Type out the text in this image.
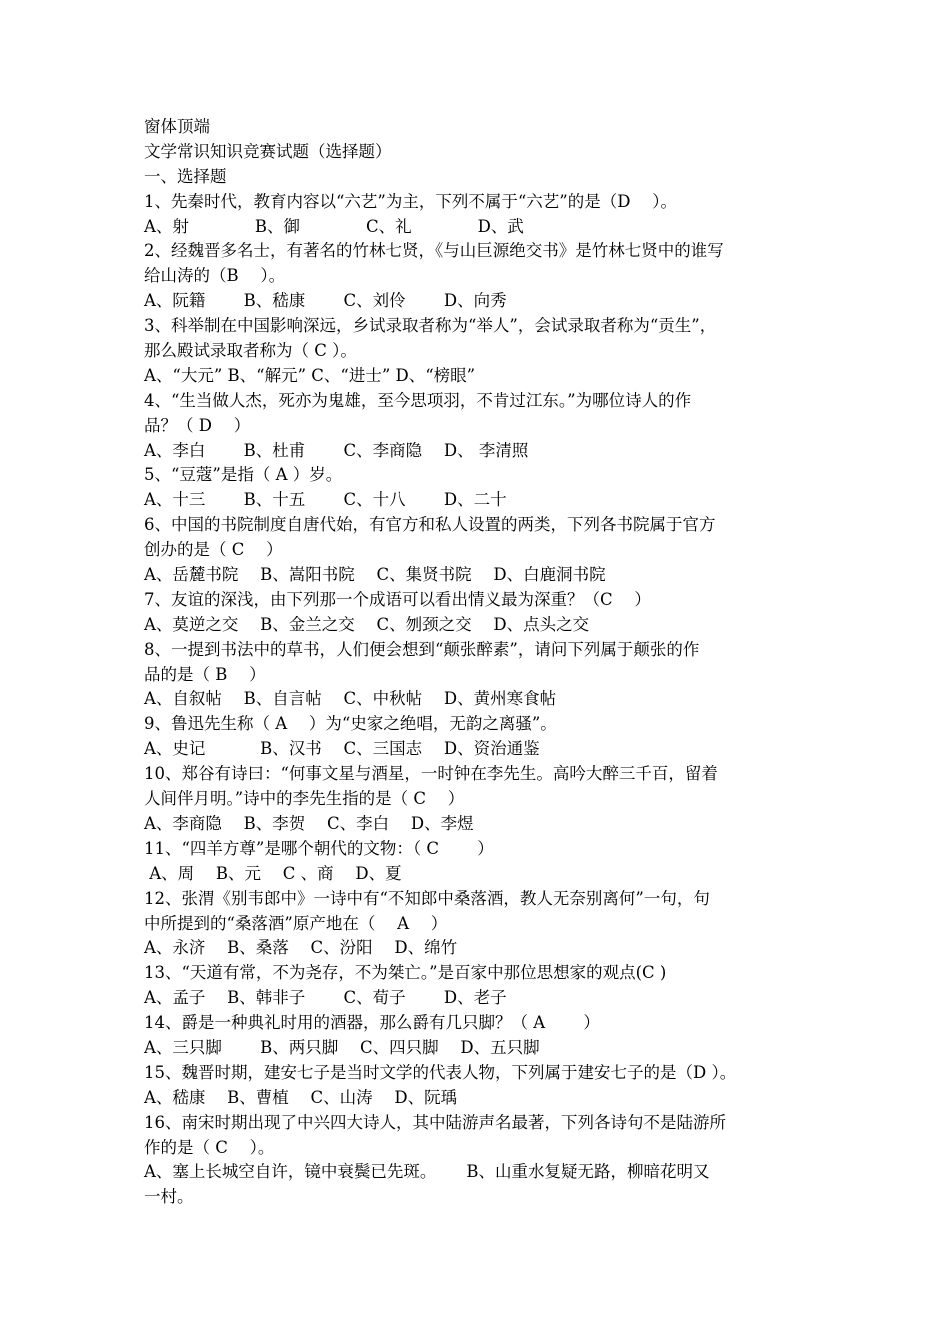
窗体顶端
文学常识知识竞赛试题（选择题）
一、选择题
1、先秦时代，教育内容以“六艺”为主，下列不属于“六艺”的是（D　 ）。
A、射　　　　B、御　　　　C、礼　　　　D、武
2、经魏晋多名士，有著名的竹林七贤，《与山巨源绝交书》是竹林七贤中的谁写
给山涛的（B　 ）。
A、阮籍　　 B、嵇康　　 C、刘伶　　 D、向秀
3、科举制在中国影响深远，乡试录取者称为“举人”，会试录取者称为“贡生”，
那么殿试录取者称为（ C ）。
A、“大元” B、“解元” C、“进士” D、“榜眼”
4、“生当做人杰，死亦为鬼雄，至今思项羽，不肯过江东。”为哪位诗人的作
品？（ D　 ）
A、李白　　 B、杜甫　　 C、李商隐　 D、 李清照
5、“豆蔻”是指（ A ）岁。
A、十三　　 B、十五　　 C、十八　　 D、二十
6、中国的书院制度自唐代始，有官方和私人设置的两类，下列各书院属于官方
创办的是（ C　 ）
A、岳麓书院　 B、嵩阳书院　 C、集贤书院　 D、白鹿洞书院
7、友谊的深浅，由下列那一个成语可以看出情义最为深重？（C　 ）
A、莫逆之交　 B、金兰之交　 C、刎颈之交　 D、点头之交
8、一提到书法中的草书，人们便会想到“颠张醉素”，请问下列属于颠张的作
品的是（ B　 ）
A、自叙帖　 B、自言帖　 C、中秋帖　 D、黄州寒食帖
9、鲁迅先生称（ A　 ）为“史家之绝唱，无韵之离骚”。
A、史记　　　 B、汉书　 C、三国志　 D、资治通鉴
10、郑谷有诗曰：“何事文星与酒星，一时钟在李先生。高吟大醉三千百，留着
人间伴月明。”诗中的李先生指的是（ C　 ）
A、李商隐　 B、李贺　 C、李白　 D、李煜
11、“四羊方尊”是哪个朝代的文物：（ C　　 ）
A、周　 B、元　 C 、商　 D、夏
12、张渭《别韦郎中》一诗中有“不知郎中桑落酒，教人无奈别离何”一句，句
中所提到的“桑落酒”原产地在（　 A　 ）
A、永济　 B、桑落　 C、汾阳　 D、绵竹
13、“天道有常，不为尧存，不为桀亡。”是百家中那位思想家的观点(C )
A、孟子　 B、韩非子　　 C、荀子　　 D、老子
14、爵是一种典礼时用的酒器，那么爵有几只脚？（ A　　 ）
A、三只脚　　 B、两只脚　 C、四只脚　 D、五只脚
15、魏晋时期，建安七子是当时文学的代表人物，下列属于建安七子的是（D ）。
A、嵇康　 B、曹植　 C、山涛　 D、阮瑀
16、南宋时期出现了中兴四大诗人，其中陆游声名最著，下列各诗句不是陆游所
作的是（ C　 ）。
A、塞上长城空自许，镜中衰鬓已先斑。　　 B、山重水复疑无路，柳暗花明又
一村。
